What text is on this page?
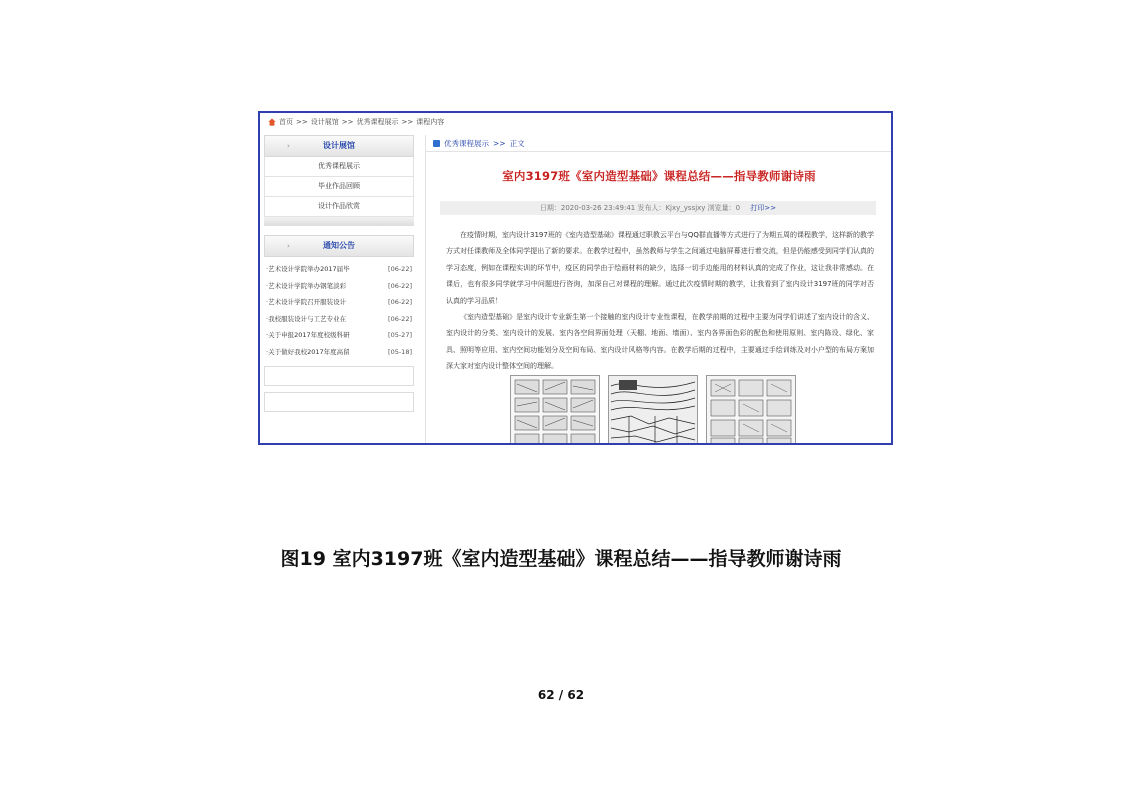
首页 >> 设计展馆 >> 优秀课程展示 >> 课程内容
›	设计展馆
优秀课程展示
毕业作品回顾
设计作品欣赏
›	通知公告
·艺术设计学院举办2017届毕	[06-22]
·艺术设计学院举办钢笔淡彩	[06-22]
·艺术设计学院召开服装设计	[06-22]
·我校服装设计与工艺专业在	[06-22]
·关于申报2017年度校级科研	[05-27]
·关于做好我校2017年度高留	[05-18]
优秀课程展示 >> 正文
室内3197班《室内造型基础》课程总结——指导教师谢诗雨
日期：2020-03-26 23:49:41 发布人：Kjxy_yssjxy 浏览量：0 打印>>

在疫情时期，室内设计3197班的《室内造型基础》课程通过职教云平台与QQ群直播等方式进行了为期五周的课程教学，这样新的教学方式对任课教师及全体同学提出了新的要求。在教学过程中，虽然教师与学生之间通过电脑屏幕进行着交流，但是仍能感受到同学们认真的学习态度，例如在课程实训的环节中，疫区的同学由于绘画材料的缺少，选择一切手边能用的材料认真的完成了作业，这让我非常感动。在课后，也有很多同学就学习中问题进行咨询，加深自己对课程的理解。通过此次疫情时期的教学，让我看到了室内设计3197班的同学对否认真的学习品质！

《室内造型基础》是室内设计专业新生第一个接触的室内设计专业性课程，在教学前期的过程中主要为同学们讲述了室内设计的含义、室内设计的分类、室内设计的发展、室内各空间界面处理（天棚、地面、墙面）、室内各界面色彩的配色和使用原则、室内陈设、绿化、家具、照明等应用、室内空间功能划分及空间布局、室内设计风格等内容。在教学后期的过程中，主要通过手绘训练及对小户型的布局方案加深大家对室内设计整体空间的理解。

图19 室内3197班《室内造型基础》课程总结——指导教师谢诗雨
62 / 62
